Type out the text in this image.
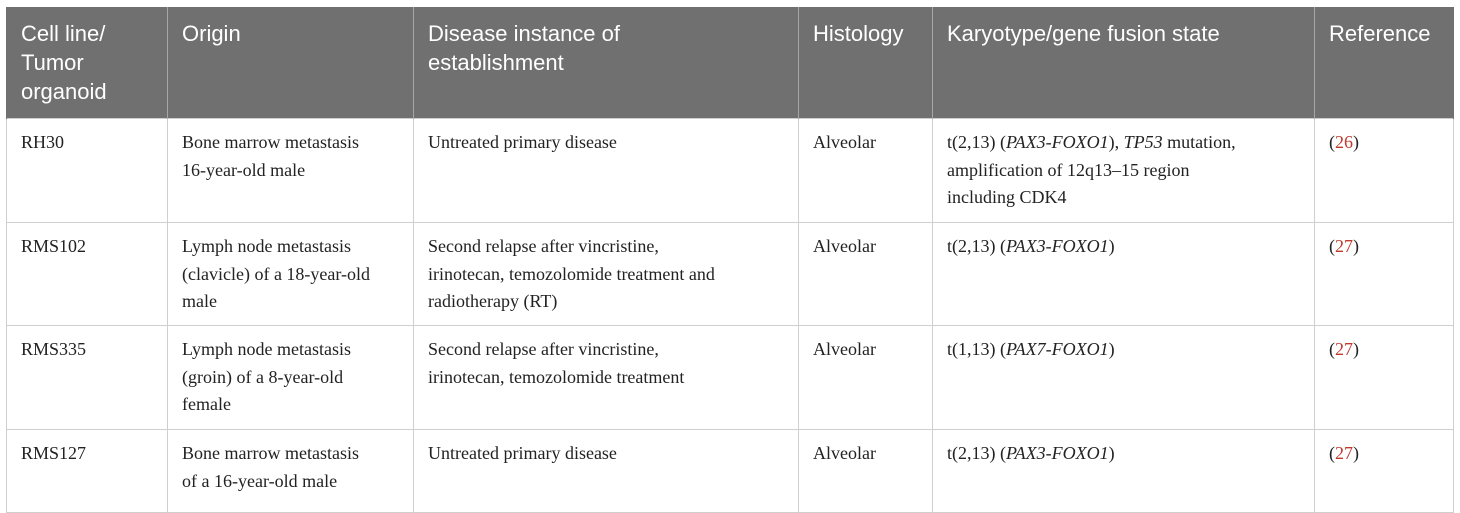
Cell line/
Tumor
organoid	Origin	Disease instance of
establishment	Histology	Karyotype/gene fusion state	Reference
RH30	Bone marrow metastasis
16-year-old male	Untreated primary disease	Alveolar	t(2,13) (PAX3-FOXO1), TP53 mutation,
amplification of 12q13–15 region
including CDK4	(26)
RMS102	Lymph node metastasis
(clavicle) of a 18-year-old
male	Second relapse after vincristine,
irinotecan, temozolomide treatment and
radiotherapy (RT)	Alveolar	t(2,13) (PAX3-FOXO1)	(27)
RMS335	Lymph node metastasis
(groin) of a 8-year-old
female	Second relapse after vincristine,
irinotecan, temozolomide treatment	Alveolar	t(1,13) (PAX7-FOXO1)	(27)
RMS127	Bone marrow metastasis
of a 16-year-old male	Untreated primary disease	Alveolar	t(2,13) (PAX3-FOXO1)	(27)
